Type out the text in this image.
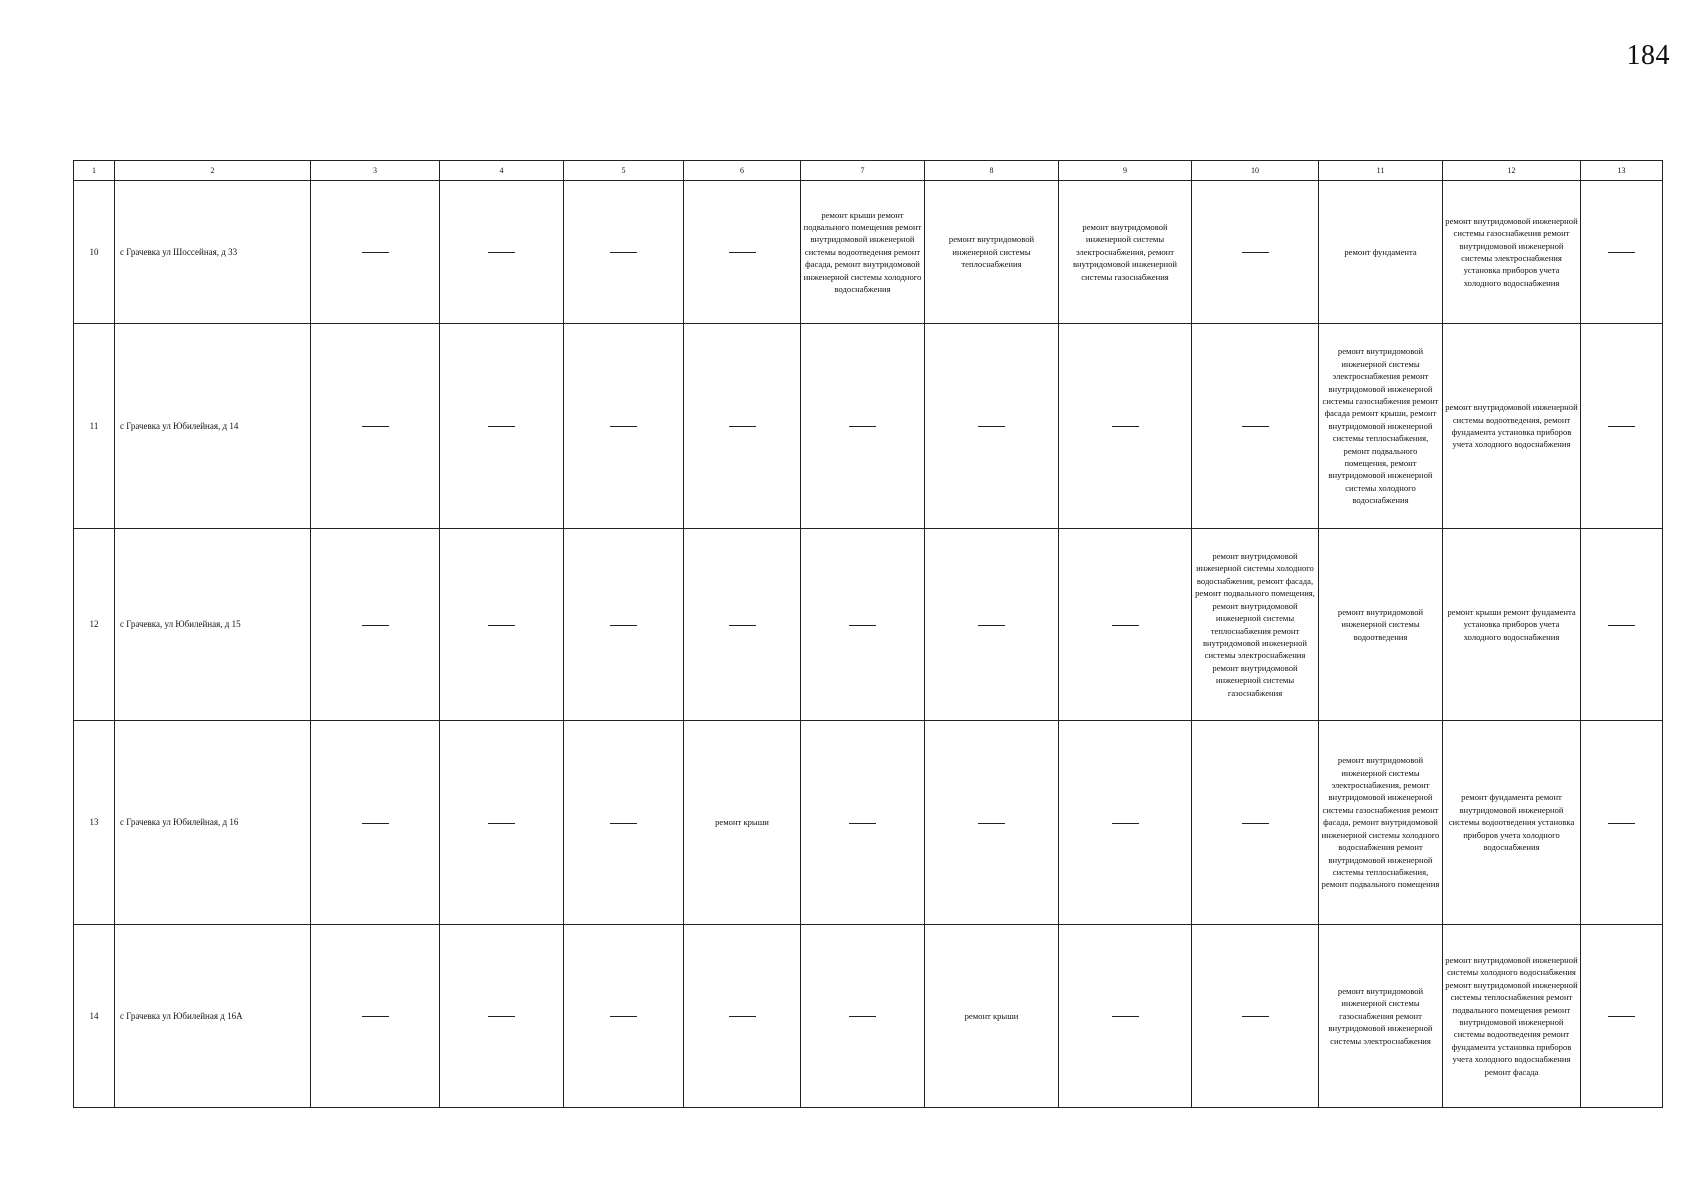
184
1	2	3	4	5	6	7	8	9	10	11	12	13
10	с Грачевка ул Шоссейная, д 33					ремонт крыши ремонт подвального помещения ремонт внутридомовой инженерной системы водоотведения ремонт фасада, ремонт внутридомовой инженерной системы холодного водоснабжения	ремонт внутридомовой инженерной системы теплоснабжения	ремонт внутридомовой инженерной системы электроснабжения, ремонт внутридомовой инженерной системы газоснабжения		ремонт фундамента	ремонт внутридомовой инженерной системы газоснабжения ремонт внутридомовой инженерной системы электроснабжения установка приборов учета холодного водоснабжения	
11	с Грачевка ул Юбилейная, д 14									ремонт внутридомовой инженерной системы электроснабжения ремонт внутридомовой инженерной системы газоснабжения ремонт фасада ремонт крыши, ремонт внутридомовой инженерной системы теплоснабжения, ремонт подвального помещения, ремонт внутридомовой инженерной системы холодного водоснабжения	ремонт внутридомовой инженерной системы водоотведения, ремонт фундамента установка приборов учета холодного водоснабжения	
12	с Грачевка, ул Юбилейная, д 15								ремонт внутридомовой инженерной системы холодного водоснабжения, ремонт фасада, ремонт подвального помещения, ремонт внутридомовой инженерной системы теплоснабжения ремонт внутридомовой инженерной системы электроснабжения ремонт внутридомовой инженерной системы газоснабжения	ремонт внутридомовой инженерной системы водоотведения	ремонт крыши ремонт фундамента установка приборов учета холодного водоснабжения	
13	с Грачевка ул Юбилейная, д 16				ремонт крыши					ремонт внутридомовой инженерной системы электроснабжения, ремонт внутридомовой инженерной системы газоснабжения ремонт фасада, ремонт внутридомовой инженерной системы холодного водоснабжения ремонт внутридомовой инженерной системы теплоснабжения, ремонт подвального помещения	ремонт фундамента ремонт внутридомовой инженерной системы водоотведения установка приборов учета холодного водоснабжения	
14	с Грачевка ул Юбилейная д 16А						ремонт крыши			ремонт внутридомовой инженерной системы газоснабжения ремонт внутридомовой инженерной системы электроснабжения	ремонт внутридомовой инженерной системы холодного водоснабжения ремонт внутридомовой инженерной системы теплоснабжения ремонт подвального помещения ремонт внутридомовой инженерной системы водоотведения ремонт фундамента установка приборов учета холодного водоснабжения ремонт фасада	
